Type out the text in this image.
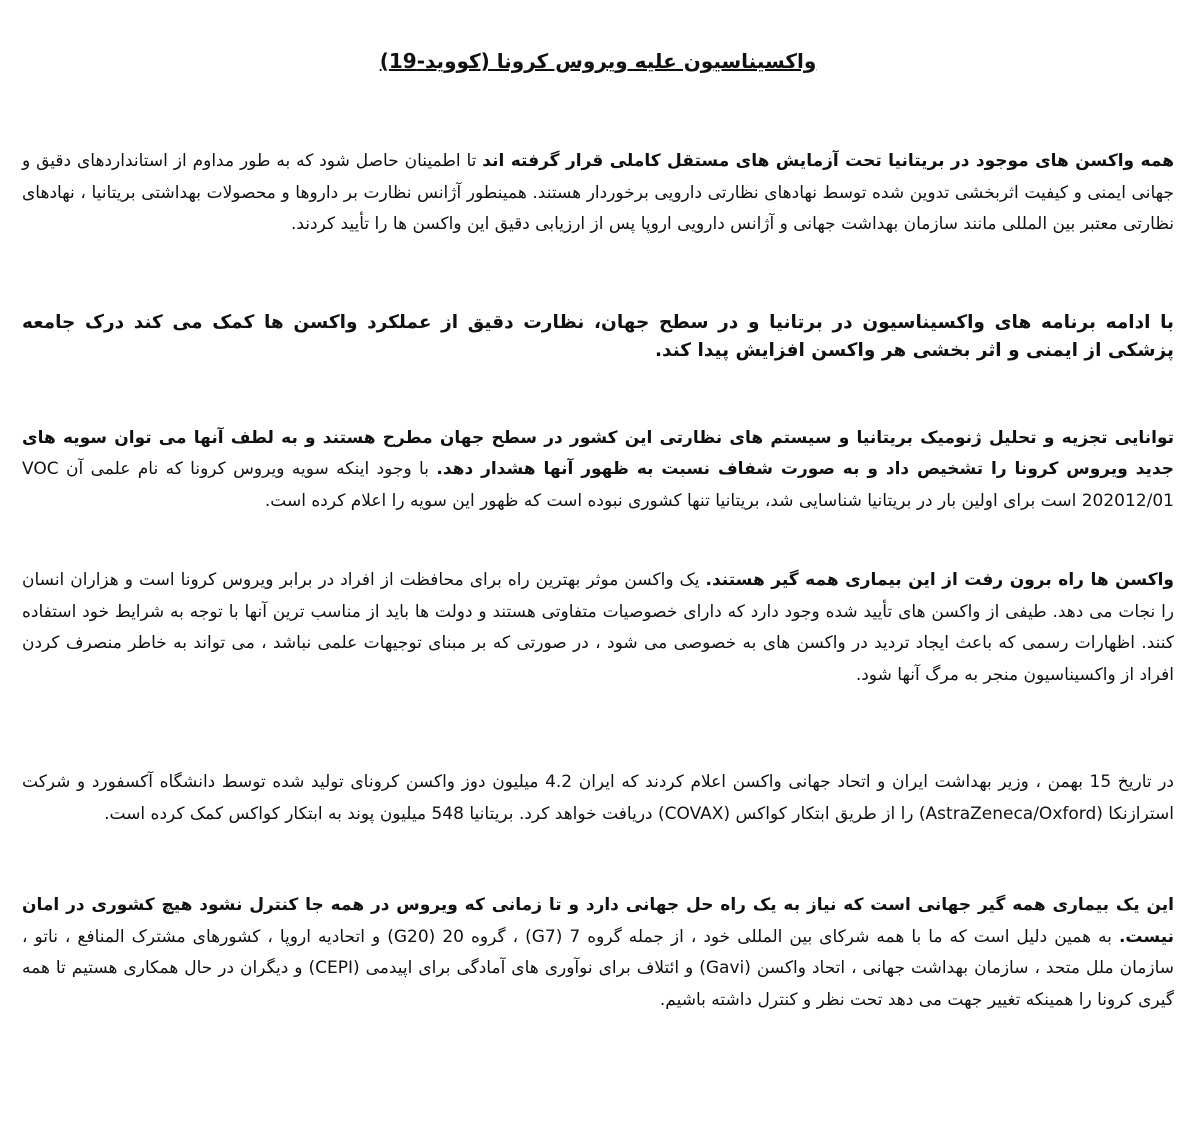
واکسیناسیون علیه ویروس کرونا (کووید-19)

همه واکسن های موجود در بریتانیا تحت آزمایش های مستقل کاملی قرار گرفته اند تا اطمینان حاصل شود که به طور مداوم از استانداردهای دقیق و جهانی ایمنی و کیفیت اثربخشی تدوین شده توسط نهادهای نظارتی دارویی برخوردار هستند. همینطور آژانس نظارت بر داروها و محصولات بهداشتی بریتانیا ، نهادهای نظارتی معتبر بین المللی مانند سازمان بهداشت جهانی و آژانس دارویی اروپا پس از ارزیابی دقیق این واکسن ها را تأیید کردند.

با ادامه برنامه های واکسیناسیون در برتانیا و در سطح جهان، نظارت دقیق از عملکرد واکسن ها کمک می کند درک جامعه پزشکی از ایمنی و اثر بخشی هر واکسن افزایش پیدا کند.

توانایی تجزیه و تحلیل ژنومیک بریتانیا و سیستم های نظارتی این کشور در سطح جهان مطرح هستند و به لطف آنها می توان سویه های جدید ویروس کرونا را تشخیص داد و به صورت شفاف نسبت به ظهور آنها هشدار دهد. با وجود اینکه سویه ویروس کرونا که نام علمی آن VOC 202012/01 است برای اولین بار در بریتانیا شناسایی شد، بریتانیا تنها کشوری نبوده است که ظهور این سویه را اعلام کرده است.

واکسن ها راه برون رفت از این بیماری همه گیر هستند. یک واکسن موثر بهترین راه برای محافظت از افراد در برابر ویروس کرونا است و هزاران انسان را نجات می دهد. طیفی از واکسن های تأیید شده وجود دارد که دارای خصوصیات متفاوتی هستند و دولت ها باید از مناسب ترین آنها با توجه به شرایط خود استفاده کنند. اظهارات رسمی که باعث ایجاد تردید در واکسن های به خصوصی می شود ، در صورتی که بر مبنای توجیهات علمی نباشد ، می تواند به خاطر منصرف کردن افراد از واکسیناسیون منجر به مرگ آنها شود.

در تاریخ 15 بهمن ، وزیر بهداشت ایران و اتحاد جهانی واکسن اعلام کردند که ایران 4.2 میلیون دوز واکسن کرونای تولید شده توسط دانشگاه آکسفورد و شرکت استرازنکا (AstraZeneca/Oxford) را از طریق ابتکار کواکس (COVAX) دریافت خواهد کرد. بریتانیا 548 میلیون پوند به ابتکار کواکس کمک کرده است.

این یک بیماری همه گیر جهانی است که نیاز به یک راه حل جهانی دارد و تا زمانی که ویروس در همه جا کنترل نشود هیچ کشوری در امان نیست. به همین دلیل است که ما با همه شرکای بین المللی خود ، از جمله گروه 7 (G7) ، گروه 20 (G20) و اتحادیه اروپا ، کشورهای مشترک المنافع ، ناتو ، سازمان ملل متحد ، سازمان بهداشت جهانی ، اتحاد واکسن (Gavi) و ائتلاف برای نوآوری های آمادگی برای اپیدمی (CEPI) و دیگران در حال همکاری هستیم تا همه گیری کرونا را همینکه تغییر جهت می دهد تحت نظر و کنترل داشته باشیم.
